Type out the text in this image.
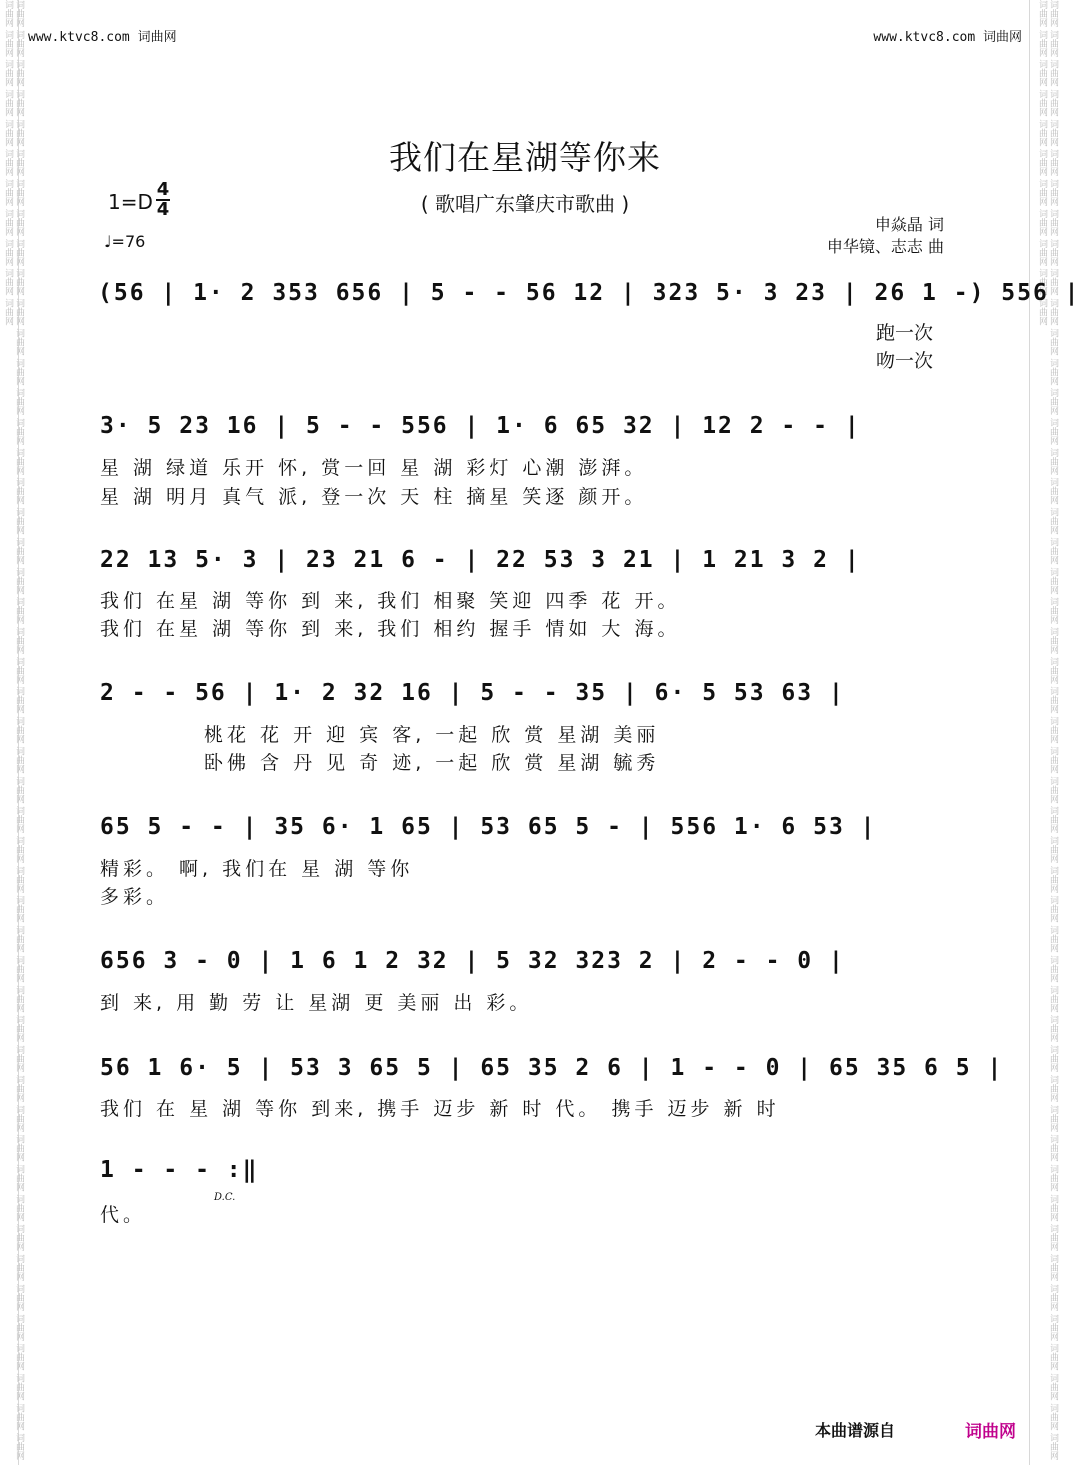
词曲网 词曲网 词曲网 词曲网 词曲网 词曲网 词曲网 词曲网 词曲网 词曲网 词曲网 词曲网 词曲网 词曲网 词曲网 词曲网 词曲网 词曲网 词曲网 词曲网 词曲网 词曲网 词曲网 词曲网 词曲网 词曲网 词曲网 词曲网 词曲网 词曲网 词曲网 词曲网 词曲网 词曲网 词曲网 词曲网 词曲网 词曲网 词曲网 词曲网 词曲网 词曲网 词曲网 词曲网 词曲网 词曲网 词曲网 词曲网 词曲网 词曲网 词曲网 词曲网 词曲网 词曲网 词曲网 词曲网 词曲网 词曲网 词曲网 词曲网	词曲网 词曲网 词曲网 词曲网 词曲网 词曲网 词曲网 词曲网 词曲网 词曲网 词曲网 词曲网 词曲网 词曲网 词曲网 词曲网 词曲网 词曲网 词曲网 词曲网 词曲网 词曲网 词曲网 词曲网 词曲网 词曲网 词曲网 词曲网 词曲网 词曲网 词曲网 词曲网 词曲网 词曲网 词曲网 词曲网 词曲网 词曲网 词曲网 词曲网 词曲网 词曲网 词曲网 词曲网 词曲网 词曲网 词曲网 词曲网 词曲网 词曲网 词曲网 词曲网 词曲网 词曲网 词曲网 词曲网 词曲网 词曲网 词曲网 词曲网
www.ktvc8.com 词曲网	www.ktvc8.com 词曲网
我们在星湖等你来
( 歌唱广东肇庆市歌曲 )
1=D
4
4
♩=76
申焱晶 词
申华镜、志志 曲
(56 | 1· 2 353 656 | 5 - - 56 12 | 323 5· 3 23 | 26 1 -) 556 |
跑一次
吻一次
3· 5 23 16 | 5 - - 556 | 1· 6 65 32 | 12 2 - - |
星 湖 绿道 乐开 怀, 赏一回 星 湖 彩灯 心潮 澎湃。
星 湖 明月 真气 派, 登一次 天 柱 摘星 笑逐 颜开。
22 13 5· 3 | 23 21 6 - | 22 53 3 21 | 1 21 3 2 |
我们 在星 湖 等你 到 来, 我们 相聚 笑迎 四季 花 开。
我们 在星 湖 等你 到 来, 我们 相约 握手 情如 大 海。
2 - - 56 | 1· 2 32 16 | 5 - - 35 | 6· 5 53 63 |
桃花 花 开 迎 宾 客, 一起 欣 赏 星湖 美丽
卧佛 含 丹 见 奇 迹, 一起 欣 赏 星湖 毓秀
65 5 - - | 35 6· 1 65 | 53 65 5 - | 556 1· 6 53 |
精彩。 啊, 我们在 星 湖 等你
多彩。
656 3 - 0 | 1 6 1 2 32 | 5 32 323 2 | 2 - - 0 |
到 来, 用 勤 劳 让 星湖 更 美丽 出 彩。
56 1 6· 5 | 53 3 65 5 | 65 35 2 6 | 1 - - 0 | 65 35 6 5 |
我们 在 星 湖 等你 到来, 携手 迈步 新 时 代。 携手 迈步 新 时
1 - - - :‖
D.C.
代。
本曲谱源自	词曲网
